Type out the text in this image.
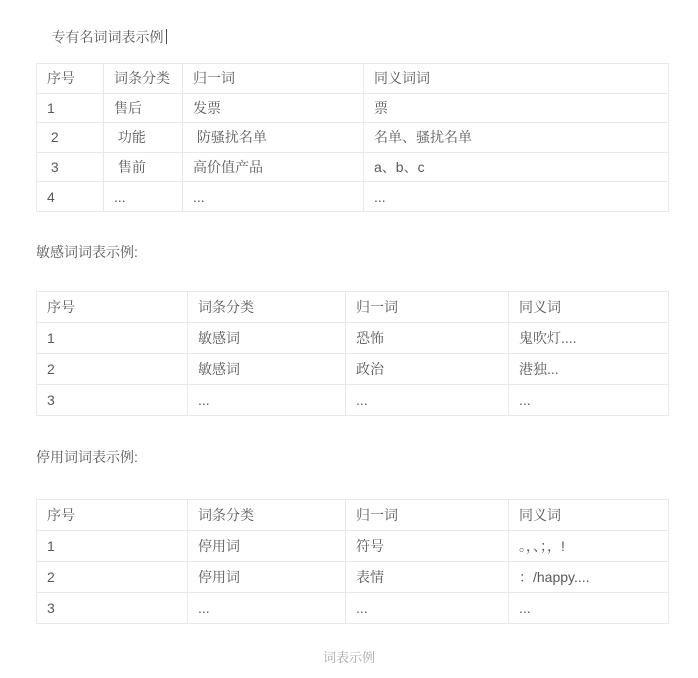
专有名词词表示例

序号	词条分类	归一词	同义词词
1	售后	发票	票
2	功能	防骚扰名单	名单、骚扰名单
3	售前	高价值产品	a、b、c
4	...	...	...
敏感词词表示例:
序号	词条分类	归一词	同义词
1	敏感词	恐怖	鬼吹灯....
2	敏感词	政治	港独...
3	...	...	...
停用词词表示例:
序号	词条分类	归一词	同义词
1	停用词	符号	。，、；，!
2	停用词	表情	：/happy....
3	...	...	...
词表示例
